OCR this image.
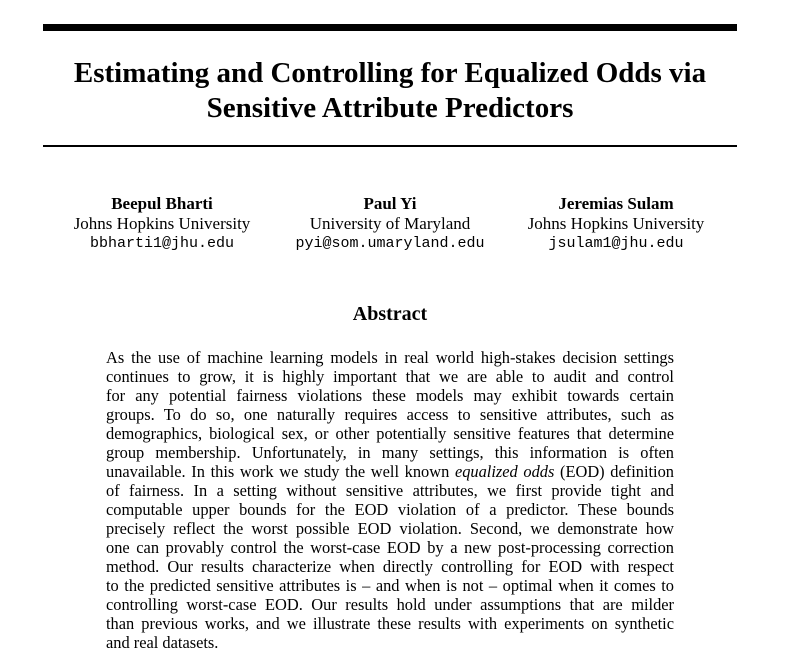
Estimating and Controlling for Equalized Odds via
Sensitive Attribute Predictors
Beepul Bharti
Johns Hopkins University
bbharti1@jhu.edu
Paul Yi
University of Maryland
pyi@som.umaryland.edu
Jeremias Sulam
Johns Hopkins University
jsulam1@jhu.edu
Abstract
As the use of machine learning models in real world high-stakes decision settings
continues to grow, it is highly important that we are able to audit and control
for any potential fairness violations these models may exhibit towards certain
groups. To do so, one naturally requires access to sensitive attributes, such as
demographics, biological sex, or other potentially sensitive features that determine
group membership. Unfortunately, in many settings, this information is often
unavailable. In this work we study the well known equalized odds (EOD) definition
of fairness. In a setting without sensitive attributes, we first provide tight and
computable upper bounds for the EOD violation of a predictor. These bounds
precisely reflect the worst possible EOD violation. Second, we demonstrate how
one can provably control the worst-case EOD by a new post-processing correction
method. Our results characterize when directly controlling for EOD with respect
to the predicted sensitive attributes is – and when is not – optimal when it comes to
controlling worst-case EOD. Our results hold under assumptions that are milder
than previous works, and we illustrate these results with experiments on synthetic
and real datasets.
